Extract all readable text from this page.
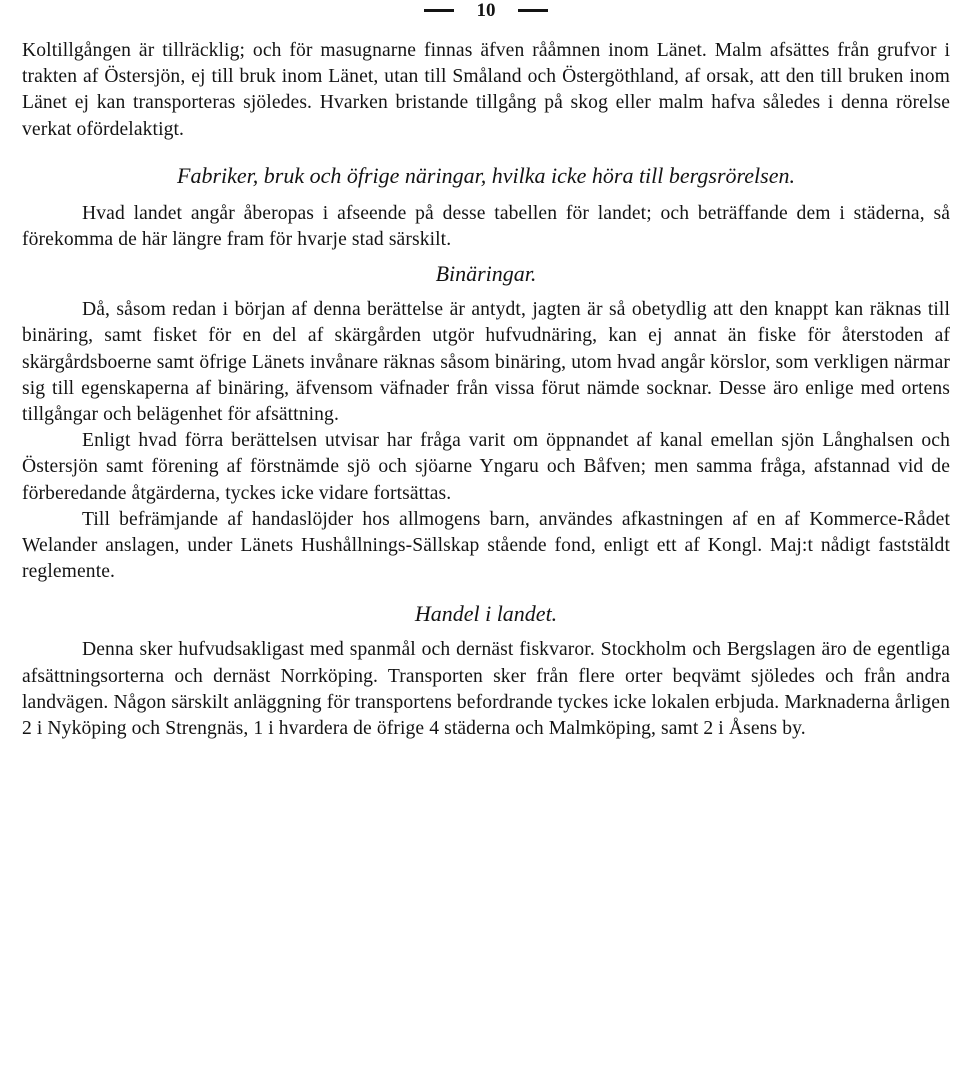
10

Koltillgången är tillräcklig; och för masugnarne finnas äfven rååmnen inom Länet. Malm afsättes från grufvor i trakten af Östersjön, ej till bruk inom Länet, utan till Småland och Östergöthland, af orsak, att den till bruken inom Länet ej kan transporteras sjöledes. Hvarken bristande tillgång på skog eller malm hafva således i denna rörelse verkat ofördelaktigt.

Fabriker, bruk och öfrige näringar, hvilka icke höra till bergsrörelsen.

Hvad landet angår åberopas i afseende på desse tabellen för landet; och beträffande dem i städerna, så förekomma de här längre fram för hvarje stad särskilt.

Binäringar.

Då, såsom redan i början af denna berättelse är antydt, jagten är så obetydlig att den knappt kan räknas till binäring, samt fisket för en del af skärgården utgör hufvudnäring, kan ej annat än fiske för återstoden af skärgårdsboerne samt öfrige Länets invånare räknas såsom binäring, utom hvad angår körslor, som verkligen närmar sig till egenskaperna af binäring, äfvensom väfnader från vissa förut nämde socknar. Desse äro enlige med ortens tillgångar och belägenhet för afsättning.

Enligt hvad förra berättelsen utvisar har fråga varit om öppnandet af kanal emellan sjön Långhalsen och Östersjön samt förening af förstnämde sjö och sjöarne Yngaru och Båfven; men samma fråga, afstannad vid de förberedande åtgärderna, tyckes icke vidare fortsättas.

Till befrämjande af handaslöjder hos allmogens barn, användes afkastningen af en af Kommerce-Rådet Welander anslagen, under Länets Hushållnings-Sällskap stående fond, enligt ett af Kongl. Maj:t nådigt faststäldt reglemente.

Handel i landet.

Denna sker hufvudsakligast med spanmål och dernäst fiskvaror. Stockholm och Bergslagen äro de egentliga afsättningsorterna och dernäst Norrköping. Transporten sker från flere orter beqvämt sjöledes och från andra landvägen. Någon särskilt anläggning för transportens befordrande tyckes icke lokalen erbjuda. Marknaderna årligen 2 i Nyköping och Strengnäs, 1 i hvardera de öfrige 4 städerna och Malmköping, samt 2 i Åsens by.
